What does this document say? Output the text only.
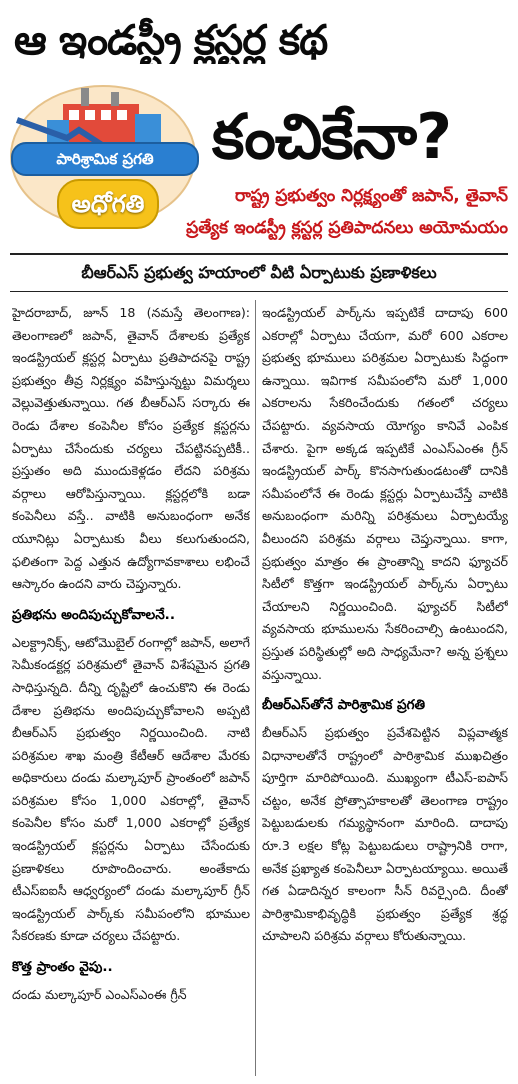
ఆ ఇండస్ట్రీ క్లస్టర్ల కథ
పారిశ్రామిక ప్రగతి
అధోగతి
కంచికేనా?
రాష్ట్ర ప్రభుత్వం నిర్లక్ష్యంతో జపాన్, తైవాన్
ప్రత్యేక ఇండస్ట్రీ క్లస్టర్ల ప్రతిపాదనలు అయోమయం
బీఆర్ఎస్ ప్రభుత్వ హయాంలో వీటి ఏర్పాటుకు ప్రణాళికలు

హైదరాబాద్, జూన్ 18 (నమస్తే తెలంగాణ): తెలంగాణలో జపాన్, తైవాన్ దేశాలకు ప్రత్యేక ఇండస్ట్రియల్ క్లస్టర్ల ఏర్పాటు ప్రతిపాదనపై రాష్ట్ర ప్రభుత్వం తీవ్ర నిర్లక్ష్యం వహిస్తున్నట్టు విమర్శలు వెల్లువెత్తుతున్నాయి. గత బీఆర్ఎస్ సర్కారు ఈ రెండు దేశాల కంపెనీల కోసం ప్రత్యేక క్లస్టర్లను ఏర్పాటు చేసేందుకు చర్యలు చేపట్టినప్పటికీ.. ప్రస్తుతం అది ముందుకెళ్లడం లేదని పరిశ్రమ వర్గాలు ఆరోపిస్తున్నాయి. క్లస్టర్లలోకి బడా కంపెనీలు వస్తే.. వాటికి అనుబంధంగా అనేక యూనిట్లు ఏర్పాటుకు వీలు కలుగుతుందని, ఫలితంగా పెద్ద ఎత్తున ఉద్యోగావకాశాలు లభించే ఆస్కారం ఉందని వారు చెప్తున్నారు.

ప్రతిభను అందిపుచ్చుకోవాలనే..

ఎలక్ట్రానిక్స్, ఆటోమొబైల్ రంగాల్లో జపాన్, అలాగే సెమీకండక్టర్ల పరిశ్రమలో తైవాన్ విశేషమైన ప్రగతి సాధిస్తున్నది. దీన్ని దృష్టిలో ఉంచుకొని ఈ రెండు దేశాల ప్రతిభను అందిపుచ్చుకోవాలని అప్పటి బీఆర్ఎస్ ప్రభుత్వం నిర్ణయించింది. నాటి పరిశ్రమల శాఖ మంత్రి కేటీఆర్ ఆదేశాల మేరకు అధికారులు దండు మల్కాపూర్ ప్రాంతంలో జపాన్ పరిశ్రమల కోసం 1,000 ఎకరాల్లో, తైవాన్ కంపెనీల కోసం మరో 1,000 ఎకరాల్లో ప్రత్యేక ఇండస్ట్రియల్ క్లస్టర్లను ఏర్పాటు చేసేందుకు ప్రణాళికలు రూపొందించారు. అంతేకాదు టీఎస్ఐఐసీ ఆధ్వర్యంలో దండు మల్కాపూర్ గ్రీన్ ఇండస్ట్రియల్ పార్క్‌కు సమీపంలోని భూముల సేకరణకు కూడా చర్యలు చేపట్టారు.

కొత్త ప్రాంతం వైపు..

దండు మల్కాపూర్ ఎంఎస్ఎంఈ గ్రీన్

ఇండస్ట్రియల్ పార్క్‌ను ఇప్పటికే దాదాపు 600 ఎకరాల్లో ఏర్పాటు చేయగా, మరో 600 ఎకరాల ప్రభుత్వ భూములు పరిశ్రమల ఏర్పాటుకు సిద్ధంగా ఉన్నాయి. ఇవిగాక సమీపంలోని మరో 1,000 ఎకరాలను సేకరించేందుకు గతంలో చర్యలు చేపట్టారు. వ్యవసాయ యోగ్యం కానివే ఎంపిక చేశారు. పైగా అక్కడ ఇప్పటికే ఎంఎస్ఎంఈ గ్రీన్ ఇండస్ట్రియల్ పార్క్ కొనసాగుతుండటంతో దానికి సమీపంలోనే ఈ రెండు క్లస్టర్లు ఏర్పాటుచేస్తే వాటికి అనుబంధంగా మరిన్ని పరిశ్రమలు ఏర్పాటయ్యే వీలుందని పరిశ్రమ వర్గాలు చెప్తున్నాయి. కాగా, ప్రభుత్వం మాత్రం ఈ ప్రాంతాన్ని కాదని ఫ్యూచర్ సిటీలో కొత్తగా ఇండస్ట్రియల్ పార్క్‌ను ఏర్పాటు చేయాలని నిర్ణయించింది. ఫ్యూచర్ సిటీలో వ్యవసాయ భూములను సేకరించాల్సి ఉంటుందని, ప్రస్తుత పరిస్థితుల్లో అది సాధ్యమేనా? అన్న ప్రశ్నలు వస్తున్నాయి.

బీఆర్ఎస్‌తోనే పారిశ్రామిక ప్రగతి

బీఆర్ఎస్ ప్రభుత్వం ప్రవేశపెట్టిన విప్లవాత్మక విధానాలతోనే రాష్ట్రంలో పారిశ్రామిక ముఖచిత్రం పూర్తిగా మారిపోయింది. ముఖ్యంగా టీఎస్-ఐపాస్ చట్టం, అనేక ప్రోత్సాహకాలతో తెలంగాణ రాష్ట్రం పెట్టుబడులకు గమ్యస్థానంగా మారింది. దాదాపు రూ.3 లక్షల కోట్ల పెట్టుబడులు రాష్ట్రానికి రాగా, అనేక ప్రఖ్యాత కంపెనీలూ ఏర్పాటయ్యాయి. అయితే గత ఏడాదిన్నర కాలంగా సీన్ రివర్సైంది. దీంతో పారిశ్రామికాభివృద్ధికి ప్రభుత్వం ప్రత్యేక శ్రద్ధ చూపాలని పరిశ్రమ వర్గాలు కోరుతున్నాయి.
